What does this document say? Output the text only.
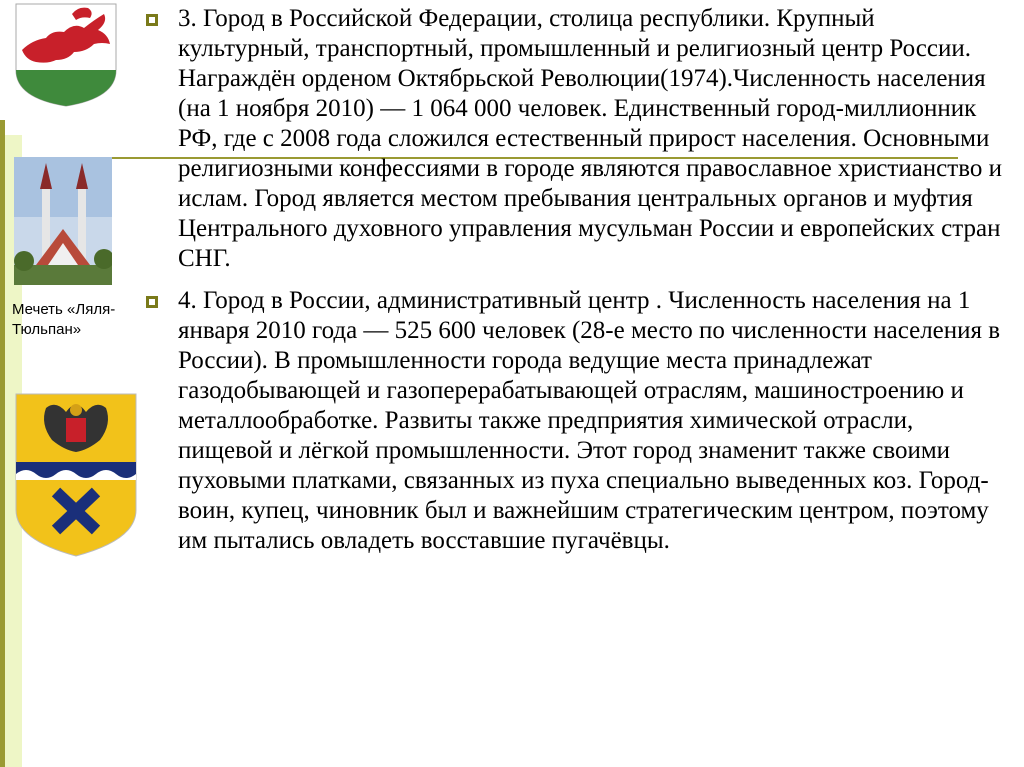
Мечеть «Ляля-Тюльпан»
3. Город в Российской Федерации, столица республики. Крупный культурный, транспортный, промышленный и религиозный центр России. Награждён орденом Октябрьской Революции(1974).Численность населения (на 1 ноября 2010) — 1 064 000 человек. Единственный город-миллионник РФ, где с 2008 года сложился естественный прирост населения. Основными религиозными конфессиями в городе являются православное христианство и ислам. Город является местом пребывания центральных органов и муфтия Центрального духовного управления мусульман России и европейских стран СНГ.
4. Город в России, административный центр . Численность населения на 1 января 2010 года — 525 600 человек (28-е место по численности населения в России). В промышленности города ведущие места принадлежат газодобывающей и газоперерабатывающей отраслям, машиностроению и металлообработке. Развиты также предприятия химической отрасли, пищевой и лёгкой промышленности. Этот город знаменит также своими пуховыми платками, связанных из пуха специально выведенных коз. Город-воин, купец, чиновник был и важнейшим стратегическим центром, поэтому им пытались овладеть восставшие пугачёвцы.
